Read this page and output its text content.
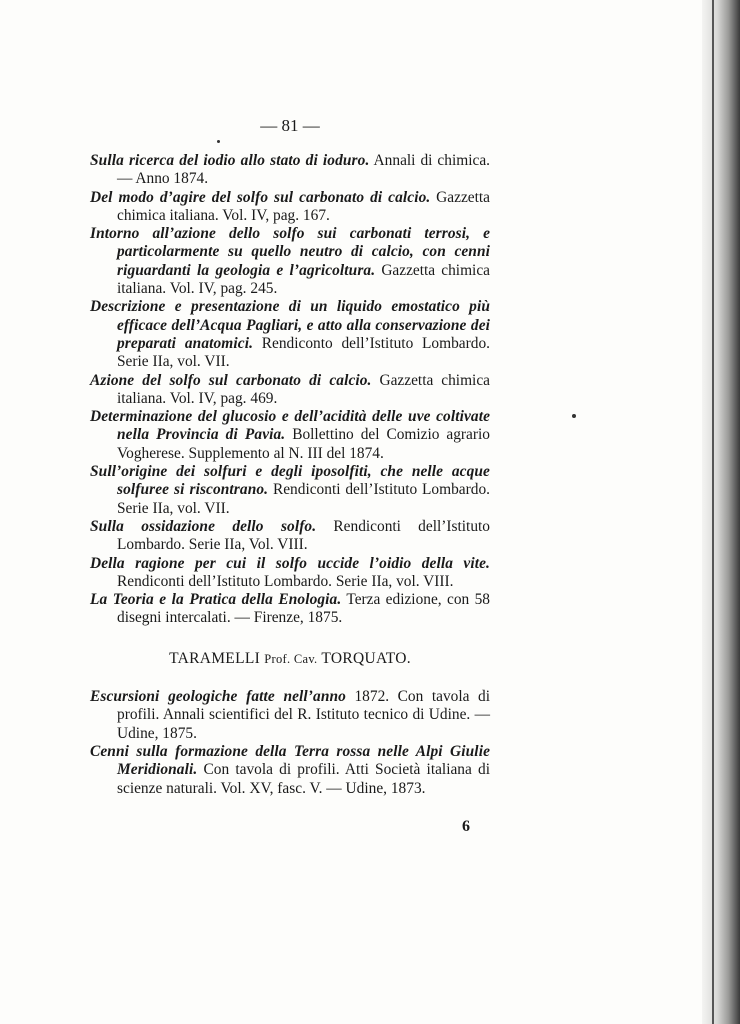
— 81 —

Sulla ricerca del iodio allo stato di ioduro. Annali di chimica. — Anno 1874.

Del modo d’agire del solfo sul carbonato di calcio. Gazzetta chimica italiana. Vol. IV, pag. 167.

Intorno all’azione dello solfo sui carbonati terrosi, e particolarmente su quello neutro di calcio, con cenni riguardanti la geologia e l’agricoltura. Gazzetta chimica italiana. Vol. IV, pag. 245.

Descrizione e presentazione di un liquido emostatico più efficace dell’Acqua Pagliari, e atto alla conservazione dei preparati anatomici. Rendiconto dell’Istituto Lombardo. Serie IIa, vol. VII.

Azione del solfo sul carbonato di calcio. Gazzetta chimica italiana. Vol. IV, pag. 469.

Determinazione del glucosio e dell’acidità delle uve coltivate nella Provincia di Pavia. Bollettino del Comizio agrario Vogherese. Supplemento al N. III del 1874.

Sull’origine dei solfuri e degli iposolfiti, che nelle acque solfuree si riscontrano. Rendiconti dell’Istituto Lombardo. Serie IIa, vol. VII.

Sulla ossidazione dello solfo. Rendiconti dell’Istituto Lombardo. Serie IIa, Vol. VIII.

Della ragione per cui il solfo uccide l’oidio della vite. Rendiconti dell’Istituto Lombardo. Serie IIa, vol. VIII.

La Teoria e la Pratica della Enologia. Terza edizione, con 58 disegni intercalati. — Firenze, 1875.

TARAMELLI Prof. Cav. TORQUATO.

Escursioni geologiche fatte nell’anno 1872. Con tavola di profili. Annali scientifici del R. Istituto tecnico di Udine. — Udine, 1875.

Cenni sulla formazione della Terra rossa nelle Alpi Giulie Meridionali. Con tavola di profili. Atti Società italiana di scienze naturali. Vol. XV, fasc. V. — Udine, 1873.

6
